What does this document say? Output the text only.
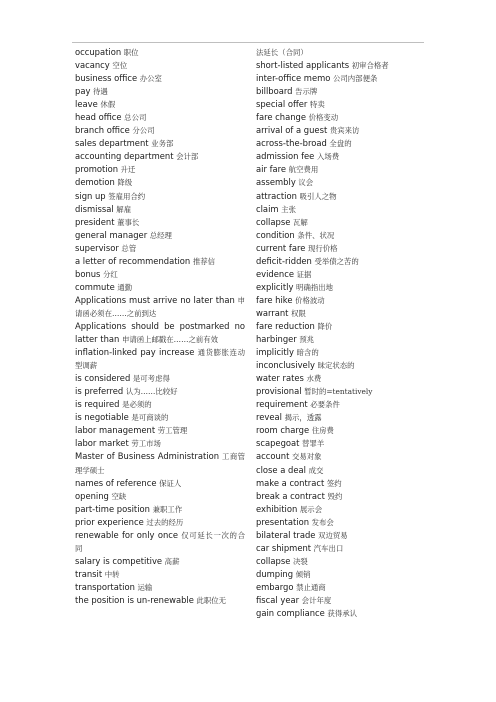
occupation 职位
vacancy 空位
business office 办公室
pay 待遇
leave 休假
head office 总公司
branch office 分公司
sales department 业务部
accounting department 会计部
promotion 升迁
demotion 降级
sign up 签雇用合约
dismissal 解雇
president 董事长
general manager 总经理
supervisor 总管
a letter of recommendation 推荐信
bonus 分红
commute 通勤
Applications must arrive no later than 申请函必须在……之前到达
Applications should be postmarked no latter than 申请函上邮戳在……之前有效
inflation-linked pay increase 通货膨胀连动型调薪
is considered 是可考虑得
is preferred 认为……比较好
is required 是必须的
is negotiable 是可商谈的
labor management 劳工管理
labor market 劳工市场
Master of Business Administration 工商管理学硕士
names of reference 保证人
opening 空缺
part-time position 兼职工作
prior experience 过去的经历
renewable for only once 仅可延长一次的合同
salary is competitive 高薪
transit 中转
transportation 运输
the position is un-renewable 此职位无
法延长（合同）
short-listed applicants 初审合格者
inter-office memo 公司内部便条
billboard 告示牌
special offer 特卖
fare change 价格变动
arrival of a guest 贵宾来访
across-the-broad 全盘的
admission fee 入场费
air fare 航空费用
assembly 议会
attraction 吸引人之物
claim 主张
collapse 瓦解
condition 条件、状况
current fare 现行价格
deficit-ridden 受举债之苦的
evidence 证据
explicitly 明确指出地
fare hike 价格波动
warrant 权限
fare reduction 降价
harbinger 预兆
implicitly 暗含的
inconclusively 昧定状态的
water rates 水费
provisional 暂时的=tentatively
requirement 必要条件
reveal 揭示，透露
room charge 住房费
scapegoat 替罪羊
account 交易对象
close a deal 成交
make a contract 签约
break a contract 毁约
exhibition 展示会
presentation 发布会
bilateral trade 双边贸易
car shipment 汽车出口
collapse 决裂
dumping 倾销
embargo 禁止通商
fiscal year 会计年度
gain compliance 获得承认
